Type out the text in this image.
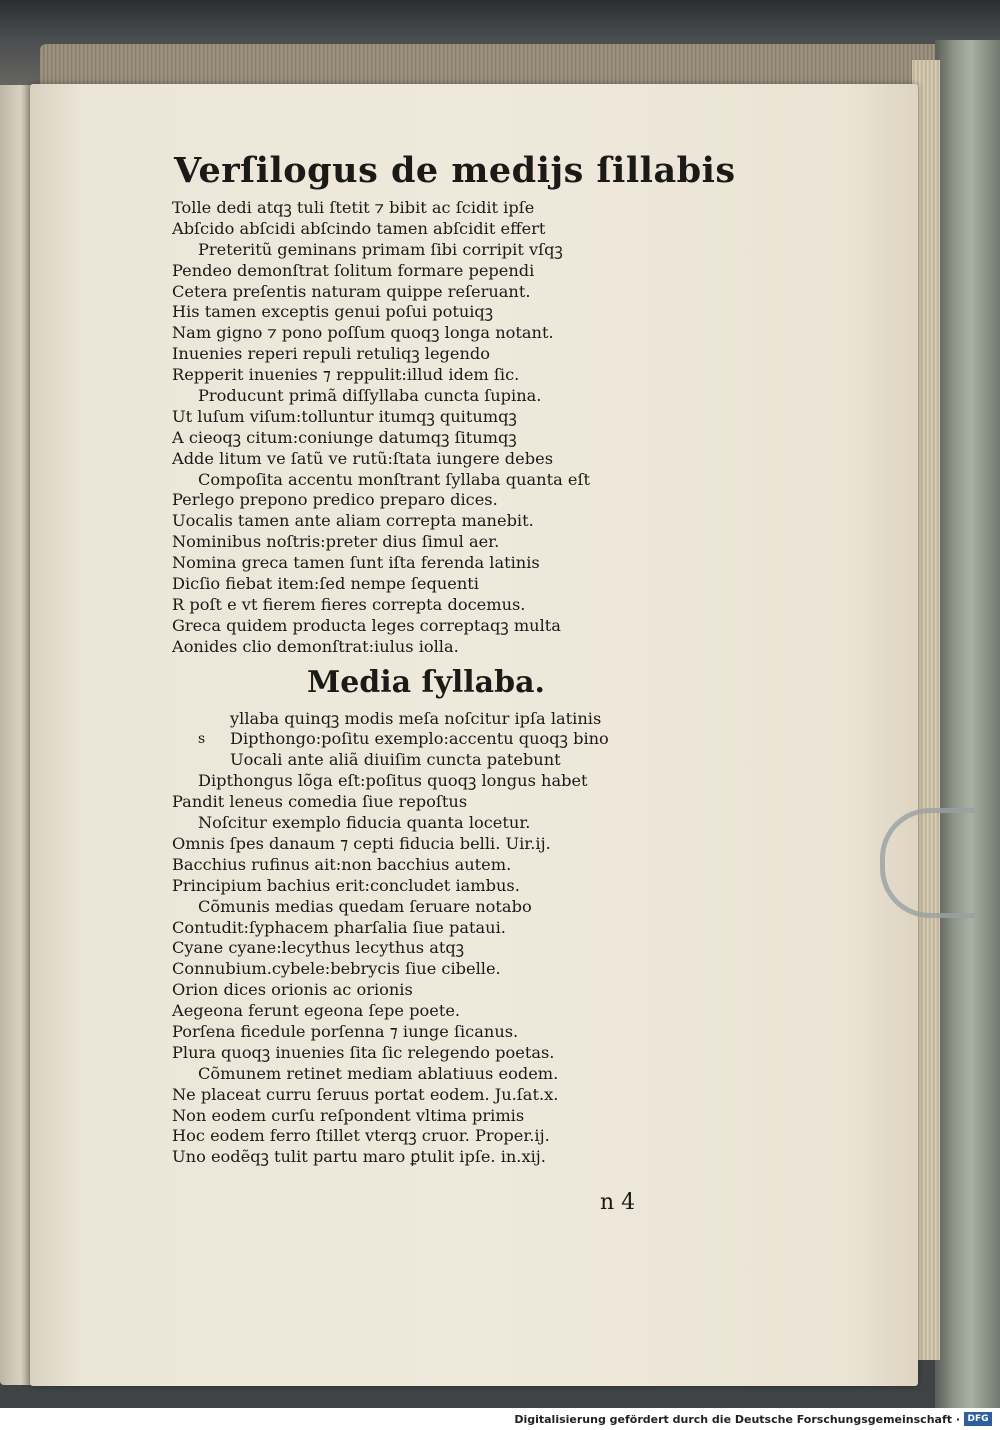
Verſilogus de medijs ſillabis
Tolle dedi atqꝫ tuli ſtetit ⁊ bibit ac ſcidit ipſe
Abſcido abſcidi abſcindo tamen abſcidit effert
Preteritũ geminans primam ſibi corripit vſqꝫ
Pendeo demonſtrat ſolitum formare pependi
Cetera preſentis naturam quippe reſeruant.
His tamen exceptis genui poſui potuiqꝫ
Nam gigno ⁊ pono poſſum quoqꝫ longa notant.
Inuenies reperi repuli retuliqꝫ legendo
Repperit inuenies ⁊ reppulit:illud idem ſic.
Producunt primã diſſyllaba cuncta ſupina.
Ut luſum viſum:tolluntur itumqꝫ quitumqꝫ
A cieoqꝫ citum:coniunge datumqꝫ ſitumqꝫ
Adde litum ve ſatũ ve rutũ:ſtata iungere debes
Compoſita accentu monſtrant ſyllaba quanta eſt
Perlego prepono predico preparo dices.
Uocalis tamen ante aliam correpta manebit.
Nominibus noſtris:preter dius ſimul aer.
Nomina greca tamen ſunt iſta ferenda latinis
Dicſio fiebat item:ſed nempe ſequenti
R poſt e vt fierem fieres correpta docemus.
Greca quidem producta leges correptaqꝫ multa
Aonides clio demonſtrat:iulus iolla.
Media ſyllaba.
yllaba quinqꝫ modis meſa noſcitur ipſa latinis
s Dipthongo:poſitu exemplo:accentu quoqꝫ bino
Uocali ante aliã diuiſim cuncta patebunt
Dipthongus lõga eſt:poſitus quoqꝫ longus habet
Pandit leneus comedia ſiue repoſtus
Noſcitur exemplo fiducia quanta locetur.
Omnis ſpes danaum ⁊ cepti fiducia belli. Uir.ij.
Bacchius rufinus ait:non bacchius autem.
Principium bachius erit:concludet iambus.
Cõmunis medias quedam ſeruare notabo
Contudit:ſyphacem pharſalia ſiue pataui.
Cyane cyane:lecythus lecythus atqꝫ
Connubium.cybele:bebrycis ſiue cibelle.
Orion dices orionis ac orionis
Aegeona ferunt egeona ſepe poete.
Porſena ficedule porſenna ⁊ iunge ſicanus.
Plura quoqꝫ inuenies ſita ſic relegendo poetas.
Cõmunem retinet mediam ablatiuus eodem.
Ne placeat curru ſeruus portat eodem. Ju.ſat.x.
Non eodem curſu reſpondent vltima primis
Hoc eodem ferro ſtillet vterqꝫ cruor. Proper.ij.
Uno eodẽqꝫ tulit partu maro ꝑtulit ipſe. in.xij.
n 4
Digitalisierung gefördert durch die Deutsche Forschungsgemeinschaft · DFG
